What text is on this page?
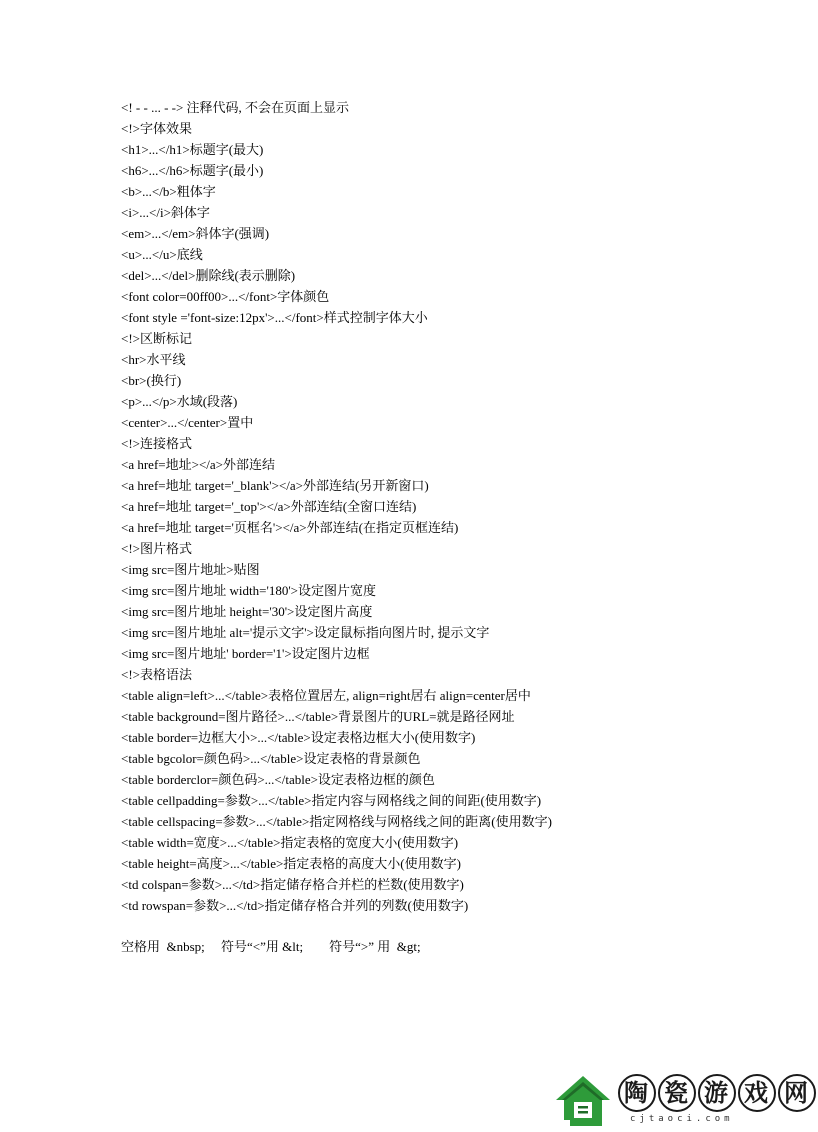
<! - - ... - -> 注释代码, 不会在页面上显示
<!>字体效果
<h1>...</h1>标题字(最大)
<h6>...</h6>标题字(最小)
<b>...</b>粗体字
<i>...</i>斜体字
<em>...</em>斜体字(强调)
<u>...</u>底线
<del>...</del>删除线(表示删除)
<font color=00ff00>...</font>字体颜色
<font style ='font-size:12px'>...</font>样式控制字体大小
<!>区断标记
<hr>水平线
<br>(换行)
<p>...</p>水域(段落)
<center>...</center>置中
<!>连接格式
<a href=地址></a>外部连结
<a href=地址 target='_blank'></a>外部连结(另开新窗口)
<a href=地址 target='_top'></a>外部连结(全窗口连结)
<a href=地址 target='页框名'></a>外部连结(在指定页框连结)
<!>图片格式
<img src=图片地址>贴图
<img src=图片地址 width='180'>设定图片宽度
<img src=图片地址 height='30'>设定图片高度
<img src=图片地址 alt='提示文字'>设定鼠标指向图片时, 提示文字
<img src=图片地址' border='1'>设定图片边框
<!>表格语法
<table align=left>...</table>表格位置居左, align=right居右 align=center居中
<table background=图片路径>...</table>背景图片的URL=就是路径网址
<table border=边框大小>...</table>设定表格边框大小(使用数字)
<table bgcolor=颜色码>...</table>设定表格的背景颜色
<table borderclor=颜色码>...</table>设定表格边框的颜色
<table cellpadding=参数>...</table>指定内容与网格线之间的间距(使用数字)
<table cellspacing=参数>...</table>指定网格线与网格线之间的距离(使用数字)
<table width=宽度>...</table>指定表格的宽度大小(使用数字)
<table height=高度>...</table>指定表格的高度大小(使用数字)
<td colspan=参数>...</td>指定储存格合并栏的栏数(使用数字)
<td rowspan=参数>...</td>指定储存格合并列的列数(使用数字)
空格用  &nbsp;     符号“<”用 &lt;        符号“>” 用  &gt;
陶 瓷 游 戏 网
cjtaoci.com
